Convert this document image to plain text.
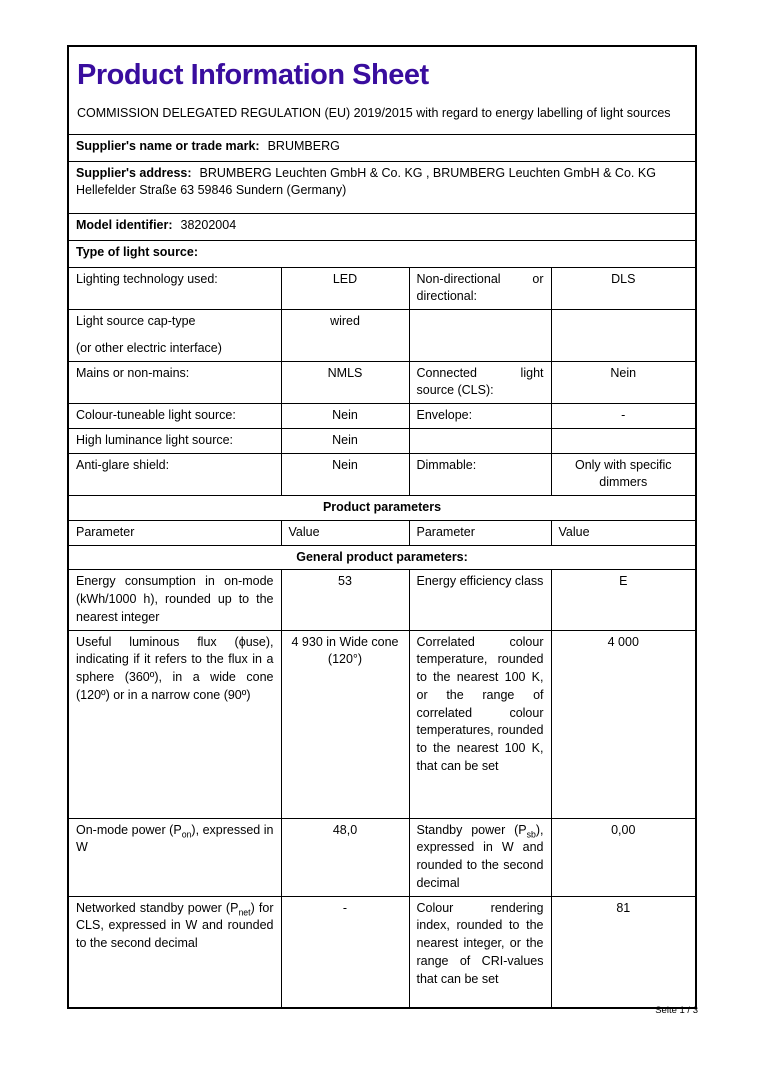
Product Information Sheet

COMMISSION DELEGATED REGULATION (EU) 2019/2015 with regard to energy labelling of light sources			

Supplier's name or trade mark: BRUMBERG			
Supplier's address: BRUMBERG Leuchten GmbH & Co. KG , BRUMBERG Leuchten GmbH & Co. KG Hellefelder Straße 63 59846 Sundern (Germany)			
Model identifier: 38202004			
Type of light source:			
Lighting technology used:	LED	Non-directional or directional:	DLS

Light source cap-type
(or other electric interface)	wired		
Mains or non-mains:	NMLS	Connected light source (CLS):	Nein
Colour-tuneable light source:	Nein	Envelope:	-
High luminance light source:	Nein		
Anti-glare shield:	Nein	Dimmable:	Only with specific dimmers
Product parameters			
Parameter	Value	Parameter	Value
General product parameters:			
Energy consumption in on-mode (kWh/1000 h), rounded up to the nearest integer	53	Energy efficiency class	E
Useful luminous flux (ϕuse), indicating if it refers to the flux in a sphere (360º), in a wide cone (120º) or in a narrow cone (90º)	4 930 in Wide cone (120°)	Correlated colour temperature, rounded to the nearest 100 K, or the range of correlated colour temperatures, rounded to the nearest 100 K, that can be set	4 000
On-mode power $(P_{on})$, expressed in W	48,0	Standby power $(P_{sb})$, expressed in W and rounded to the second decimal	0,00
Networked standby power $(P_{net})$ for CLS, expressed in W and rounded to the second decimal	-	Colour rendering index, rounded to the nearest integer, or the range of CRI-values that can be set	81
Seite 1 / 3
